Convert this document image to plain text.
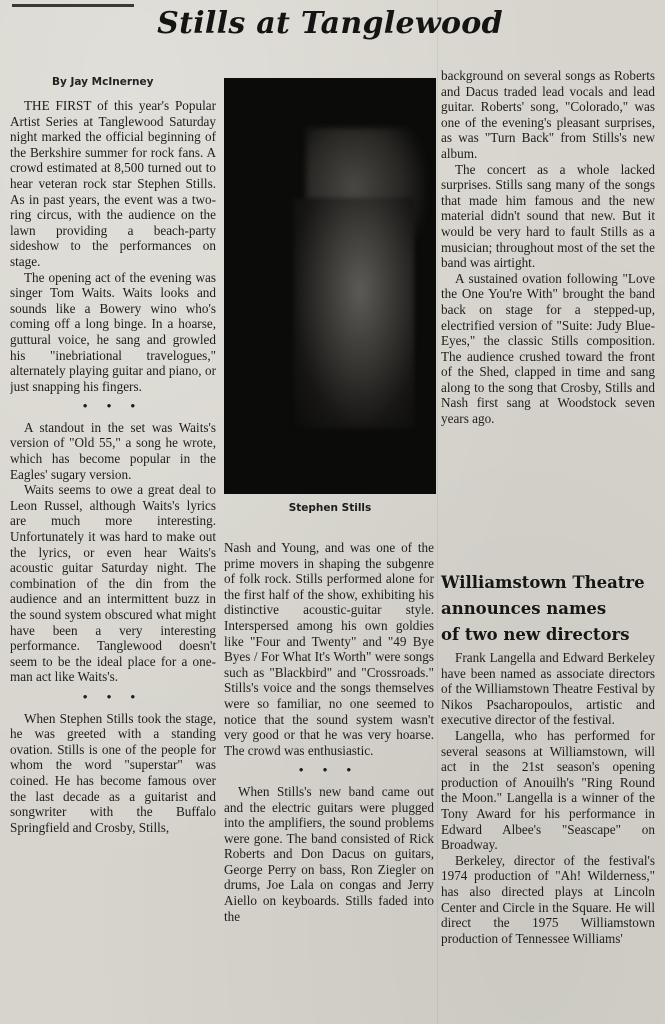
Stills at Tanglewood
By Jay McInerney

THE FIRST of this year's Popular Artist Series at Tanglewood Saturday night marked the official beginning of the Berkshire summer for rock fans. A crowd estimated at 8,500 turned out to hear veteran rock star Stephen Stills. As in past years, the event was a two-ring circus, with the audience on the lawn providing a beach-party sideshow to the performances on stage.

The opening act of the evening was singer Tom Waits. Waits looks and sounds like a Bowery wino who's coming off a long binge. In a hoarse, guttural voice, he sang and growled his "inebriational travelogues," alternately playing guitar and piano, or just snapping his fingers.

• • •

A standout in the set was Waits's version of "Old 55," a song he wrote, which has become popular in the Eagles' sugary version.

Waits seems to owe a great deal to Leon Russel, although Waits's lyrics are much more interesting. Unfortunately it was hard to make out the lyrics, or even hear Waits's acoustic guitar Saturday night. The combination of the din from the audience and an intermittent buzz in the sound system obscured what might have been a very interesting performance. Tanglewood doesn't seem to be the ideal place for a one-man act like Waits's.

• • •

When Stephen Stills took the stage, he was greeted with a standing ovation. Stills is one of the people for whom the word "superstar" was coined. He has become famous over the last decade as a guitarist and songwriter with the Buffalo Springfield and Crosby, Stills,

Stephen Stills

Nash and Young, and was one of the prime movers in shaping the subgenre of folk rock. Stills performed alone for the first half of the show, exhibiting his distinctive acoustic-guitar style. Interspersed among his own goldies like "Four and Twenty" and "49 Bye Byes / For What It's Worth" were songs such as "Blackbird" and "Crossroads." Stills's voice and the songs themselves were so familiar, no one seemed to notice that the sound system wasn't very good or that he was very hoarse. The crowd was enthusiastic.

• • •

When Stills's new band came out and the electric guitars were plugged into the amplifiers, the sound problems were gone. The band consisted of Rick Roberts and Don Dacus on guitars, George Perry on bass, Ron Ziegler on drums, Joe Lala on congas and Jerry Aiello on keyboards. Stills faded into the

background on several songs as Roberts and Dacus traded lead vocals and lead guitar. Roberts' song, "Colorado," was one of the evening's pleasant surprises, as was "Turn Back" from Stills's new album.

The concert as a whole lacked surprises. Stills sang many of the songs that made him famous and the new material didn't sound that new. But it would be very hard to fault Stills as a musician; throughout most of the set the band was airtight.

A sustained ovation following "Love the One You're With" brought the band back on stage for a stepped-up, electrified version of "Suite: Judy Blue-Eyes," the classic Stills composition. The audience crushed toward the front of the Shed, clapped in time and sang along to the song that Crosby, Stills and Nash first sang at Woodstock seven years ago.

Williamstown Theatre
announces names
of two new directors

Frank Langella and Edward Berkeley have been named as associate directors of the Williamstown Theatre Festival by Nikos Psacharopoulos, artistic and executive director of the festival.

Langella, who has performed for several seasons at Williamstown, will act in the 21st season's opening production of Anouilh's "Ring Round the Moon." Langella is a winner of the Tony Award for his performance in Edward Albee's "Seascape" on Broadway.

Berkeley, director of the festival's 1974 production of "Ah! Wilderness," has also directed plays at Lincoln Center and Circle in the Square. He will direct the 1975 Williamstown production of Tennessee Williams'
